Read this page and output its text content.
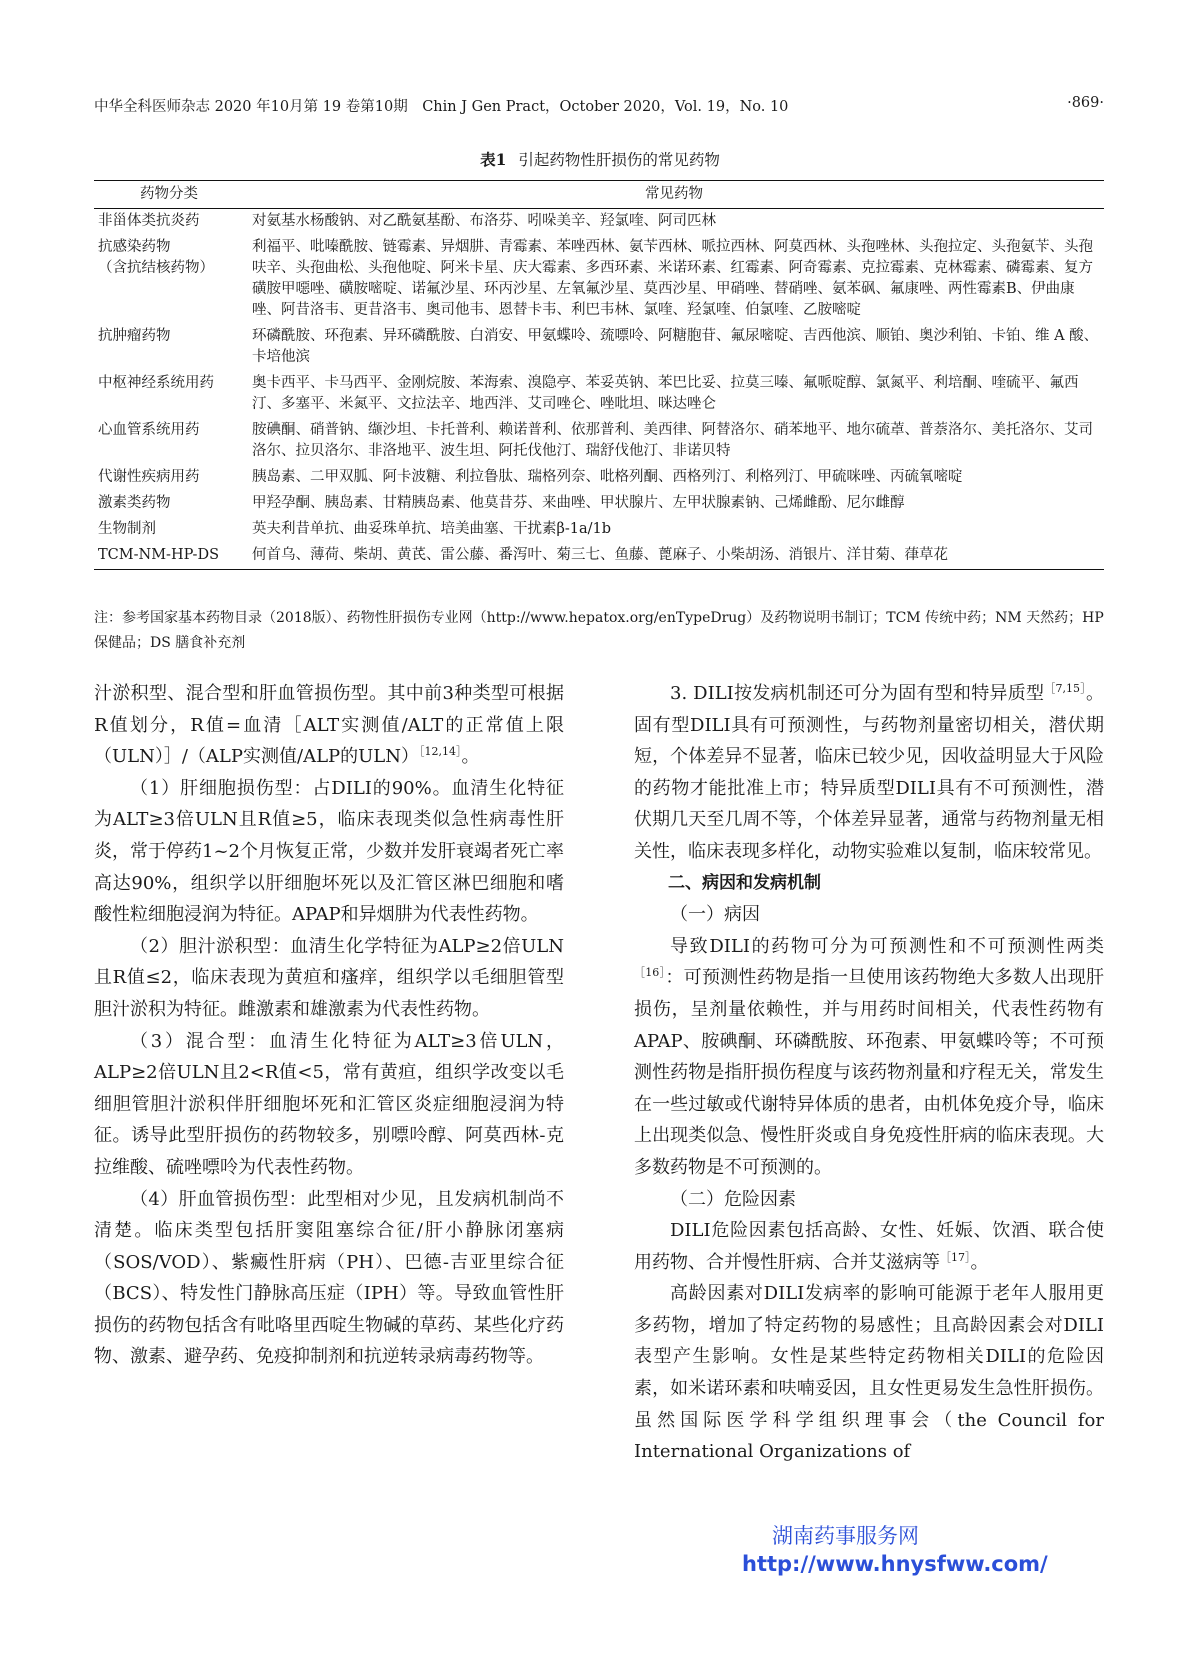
中华全科医师杂志 2020 年10月第 19 卷第10期　Chin J Gen Pract，October 2020，Vol. 19，No. 10	·869·
表1 引起药物性肝损伤的常见药物
药物分类	常见药物
非甾体类抗炎药	对氨基水杨酸钠、对乙酰氨基酚、布洛芬、吲哚美辛、羟氯喹、阿司匹林
抗感染药物
（含抗结核药物）	利福平、吡嗪酰胺、链霉素、异烟肼、青霉素、苯唑西林、氨苄西林、哌拉西林、阿莫西林、头孢唑林、头孢拉定、头孢氨苄、头孢呋辛、头孢曲松、头孢他啶、阿米卡星、庆大霉素、多西环素、米诺环素、红霉素、阿奇霉素、克拉霉素、克林霉素、磷霉素、复方磺胺甲噁唑、磺胺嘧啶、诺氟沙星、环丙沙星、左氧氟沙星、莫西沙星、甲硝唑、替硝唑、氨苯砜、氟康唑、两性霉素B、伊曲康唑、阿昔洛韦、更昔洛韦、奥司他韦、恩替卡韦、利巴韦林、氯喹、羟氯喹、伯氯喹、乙胺嘧啶
抗肿瘤药物	环磷酰胺、环孢素、异环磷酰胺、白消安、甲氨蝶呤、巯嘌呤、阿糖胞苷、氟尿嘧啶、吉西他滨、顺铂、奥沙利铂、卡铂、维 A 酸、卡培他滨
中枢神经系统用药	奥卡西平、卡马西平、金刚烷胺、苯海索、溴隐亭、苯妥英钠、苯巴比妥、拉莫三嗪、氟哌啶醇、氯氮平、利培酮、喹硫平、氟西汀、多塞平、米氮平、文拉法辛、地西泮、艾司唑仑、唑吡坦、咪达唑仑
心血管系统用药	胺碘酮、硝普钠、缬沙坦、卡托普利、赖诺普利、依那普利、美西律、阿替洛尔、硝苯地平、地尔硫䓬、普萘洛尔、美托洛尔、艾司洛尔、拉贝洛尔、非洛地平、波生坦、阿托伐他汀、瑞舒伐他汀、非诺贝特
代谢性疾病用药	胰岛素、二甲双胍、阿卡波糖、利拉鲁肽、瑞格列奈、吡格列酮、西格列汀、利格列汀、甲硫咪唑、丙硫氧嘧啶
激素类药物	甲羟孕酮、胰岛素、甘精胰岛素、他莫昔芬、来曲唑、甲状腺片、左甲状腺素钠、己烯雌酚、尼尔雌醇
生物制剂	英夫利昔单抗、曲妥珠单抗、培美曲塞、干扰素β-1a/1b
TCM-NM-HP-DS	何首乌、薄荷、柴胡、黄芪、雷公藤、番泻叶、菊三七、鱼藤、蓖麻子、小柴胡汤、消银片、洋甘菊、葎草花
注：参考国家基本药物目录（2018版）、药物性肝损伤专业网（http://www.hepatox.org/enTypeDrug）及药物说明书制订；TCM 传统中药；NM 天然药；HP 保健品；DS 膳食补充剂

汁淤积型、混合型和肝血管损伤型。其中前3种类型可根据R值划分，R值=血清［ALT实测值/ALT的正常值上限（ULN）］/（ALP实测值/ALP的ULN）$^{[12,14]}$。

（1）肝细胞损伤型：占DILI的90%。血清生化特征为ALT≥3倍ULN且R值≥5，临床表现类似急性病毒性肝炎，常于停药1~2个月恢复正常，少数并发肝衰竭者死亡率高达90%，组织学以肝细胞坏死以及汇管区淋巴细胞和嗜酸性粒细胞浸润为特征。APAP和异烟肼为代表性药物。

（2）胆汁淤积型：血清生化学特征为ALP≥2倍ULN且R值≤2，临床表现为黄疸和瘙痒，组织学以毛细胆管型胆汁淤积为特征。雌激素和雄激素为代表性药物。

（3）混合型：血清生化特征为ALT≥3倍ULN，ALP≥2倍ULN且2<R值<5，常有黄疸，组织学改变以毛细胆管胆汁淤积伴肝细胞坏死和汇管区炎症细胞浸润为特征。诱导此型肝损伤的药物较多，别嘌呤醇、阿莫西林-克拉维酸、硫唑嘌呤为代表性药物。

（4）肝血管损伤型：此型相对少见，且发病机制尚不清楚。临床类型包括肝窦阻塞综合征/肝小静脉闭塞病（SOS/VOD）、紫癜性肝病（PH）、巴德-吉亚里综合征（BCS）、特发性门静脉高压症（IPH）等。导致血管性肝损伤的药物包括含有吡咯里西啶生物碱的草药、某些化疗药物、激素、避孕药、免疫抑制剂和抗逆转录病毒药物等。

3. DILI按发病机制还可分为固有型和特异质型$^{[7,15]}$。固有型DILI具有可预测性，与药物剂量密切相关，潜伏期短，个体差异不显著，临床已较少见，因收益明显大于风险的药物才能批准上市；特异质型DILI具有不可预测性，潜伏期几天至几周不等，个体差异显著，通常与药物剂量无相关性，临床表现多样化，动物实验难以复制，临床较常见。

二、病因和发病机制

（一）病因

导致DILI的药物可分为可预测性和不可预测性两类$^{[16]}$：可预测性药物是指一旦使用该药物绝大多数人出现肝损伤，呈剂量依赖性，并与用药时间相关，代表性药物有APAP、胺碘酮、环磷酰胺、环孢素、甲氨蝶呤等；不可预测性药物是指肝损伤程度与该药物剂量和疗程无关，常发生在一些过敏或代谢特异体质的患者，由机体免疫介导，临床上出现类似急、慢性肝炎或自身免疫性肝病的临床表现。大多数药物是不可预测的。

（二）危险因素

DILI危险因素包括高龄、女性、妊娠、饮酒、联合使用药物、合并慢性肝病、合并艾滋病等$^{[17]}$。

高龄因素对DILI发病率的影响可能源于老年人服用更多药物，增加了特定药物的易感性；且高龄因素会对DILI表型产生影响。女性是某些特定药物相关DILI的危险因素，如米诺环素和呋喃妥因，且女性更易发生急性肝损伤。虽然国际医学科学组织理事会（the Council for International Organizations of

湖南药事服务网
http://www.hnysfww.com/
